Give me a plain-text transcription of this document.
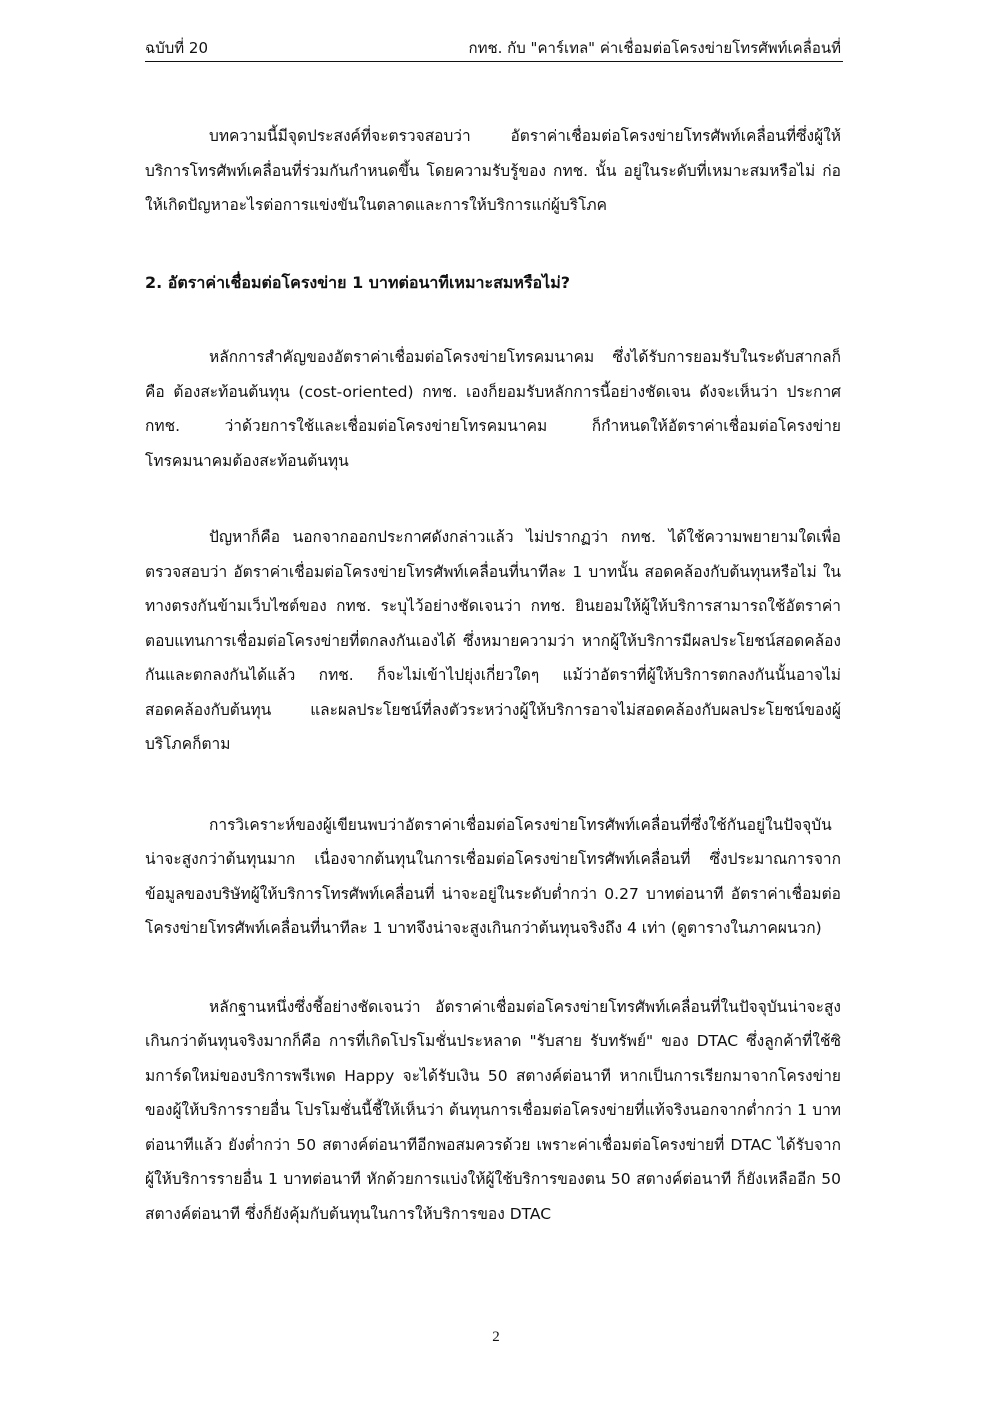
ฉบับที่ 20	กทช. กับ "คาร์เทล" ค่าเชื่อมต่อโครงข่ายโทรศัพท์เคลื่อนที่

บทความนี้มีจุดประสงค์ที่จะตรวจสอบว่า อัตราค่าเชื่อมต่อโครงข่ายโทรศัพท์เคลื่อนที่ซึ่งผู้ให้บริการโทรศัพท์เคลื่อนที่ร่วมกันกำหนดขึ้น โดยความรับรู้ของ กทช. นั้น อยู่ในระดับที่เหมาะสมหรือไม่ ก่อให้เกิดปัญหาอะไรต่อการแข่งขันในตลาดและการให้บริการแก่ผู้บริโภค

2. อัตราค่าเชื่อมต่อโครงข่าย 1 บาทต่อนาทีเหมาะสมหรือไม่?

หลักการสำคัญของอัตราค่าเชื่อมต่อโครงข่ายโทรคมนาคม ซึ่งได้รับการยอมรับในระดับสากลก็คือ ต้องสะท้อนต้นทุน (cost-oriented) กทช. เองก็ยอมรับหลักการนี้อย่างชัดเจน ดังจะเห็นว่า ประกาศ กทช. ว่าด้วยการใช้และเชื่อมต่อโครงข่ายโทรคมนาคม ก็กำหนดให้อัตราค่าเชื่อมต่อโครงข่ายโทรคมนาคมต้องสะท้อนต้นทุน

ปัญหาก็คือ นอกจากออกประกาศดังกล่าวแล้ว ไม่ปรากฏว่า กทช. ได้ใช้ความพยายามใดเพื่อตรวจสอบว่า อัตราค่าเชื่อมต่อโครงข่ายโทรศัพท์เคลื่อนที่นาทีละ 1 บาทนั้น สอดคล้องกับต้นทุนหรือไม่ ในทางตรงกันข้ามเว็บไซต์ของ กทช. ระบุไว้อย่างชัดเจนว่า กทช. ยินยอมให้ผู้ให้บริการสามารถใช้อัตราค่าตอบแทนการเชื่อมต่อโครงข่ายที่ตกลงกันเองได้ ซึ่งหมายความว่า หากผู้ให้บริการมีผลประโยชน์สอดคล้องกันและตกลงกันได้แล้ว กทช. ก็จะไม่เข้าไปยุ่งเกี่ยวใดๆ แม้ว่าอัตราที่ผู้ให้บริการตกลงกันนั้นอาจไม่สอดคล้องกับต้นทุน และผลประโยชน์ที่ลงตัวระหว่างผู้ให้บริการอาจไม่สอดคล้องกับผลประโยชน์ของผู้บริโภคก็ตาม

การวิเคราะห์ของผู้เขียนพบว่าอัตราค่าเชื่อมต่อโครงข่ายโทรศัพท์เคลื่อนที่ซึ่งใช้กันอยู่ในปัจจุบันน่าจะสูงกว่าต้นทุนมาก เนื่องจากต้นทุนในการเชื่อมต่อโครงข่ายโทรศัพท์เคลื่อนที่ ซึ่งประมาณการจากข้อมูลของบริษัทผู้ให้บริการโทรศัพท์เคลื่อนที่ น่าจะอยู่ในระดับต่ำกว่า 0.27 บาทต่อนาที อัตราค่าเชื่อมต่อโครงข่ายโทรศัพท์เคลื่อนที่นาทีละ 1 บาทจึงน่าจะสูงเกินกว่าต้นทุนจริงถึง 4 เท่า (ดูตารางในภาคผนวก)

หลักฐานหนึ่งซึ่งชี้อย่างชัดเจนว่า อัตราค่าเชื่อมต่อโครงข่ายโทรศัพท์เคลื่อนที่ในปัจจุบันน่าจะสูงเกินกว่าต้นทุนจริงมากก็คือ การที่เกิดโปรโมชั่นประหลาด "รับสาย รับทรัพย์" ของ DTAC ซึ่งลูกค้าที่ใช้ซิมการ์ดใหม่ของบริการพรีเพด Happy จะได้รับเงิน 50 สตางค์ต่อนาที หากเป็นการเรียกมาจากโครงข่ายของผู้ให้บริการรายอื่น โปรโมชั่นนี้ชี้ให้เห็นว่า ต้นทุนการเชื่อมต่อโครงข่ายที่แท้จริงนอกจากต่ำกว่า 1 บาทต่อนาทีแล้ว ยังต่ำกว่า 50 สตางค์ต่อนาทีอีกพอสมควรด้วย เพราะค่าเชื่อมต่อโครงข่ายที่ DTAC ได้รับจากผู้ให้บริการรายอื่น 1 บาทต่อนาที หักด้วยการแบ่งให้ผู้ใช้บริการของตน 50 สตางค์ต่อนาที ก็ยังเหลืออีก 50 สตางค์ต่อนาที ซึ่งก็ยังคุ้มกับต้นทุนในการให้บริการของ DTAC

2
